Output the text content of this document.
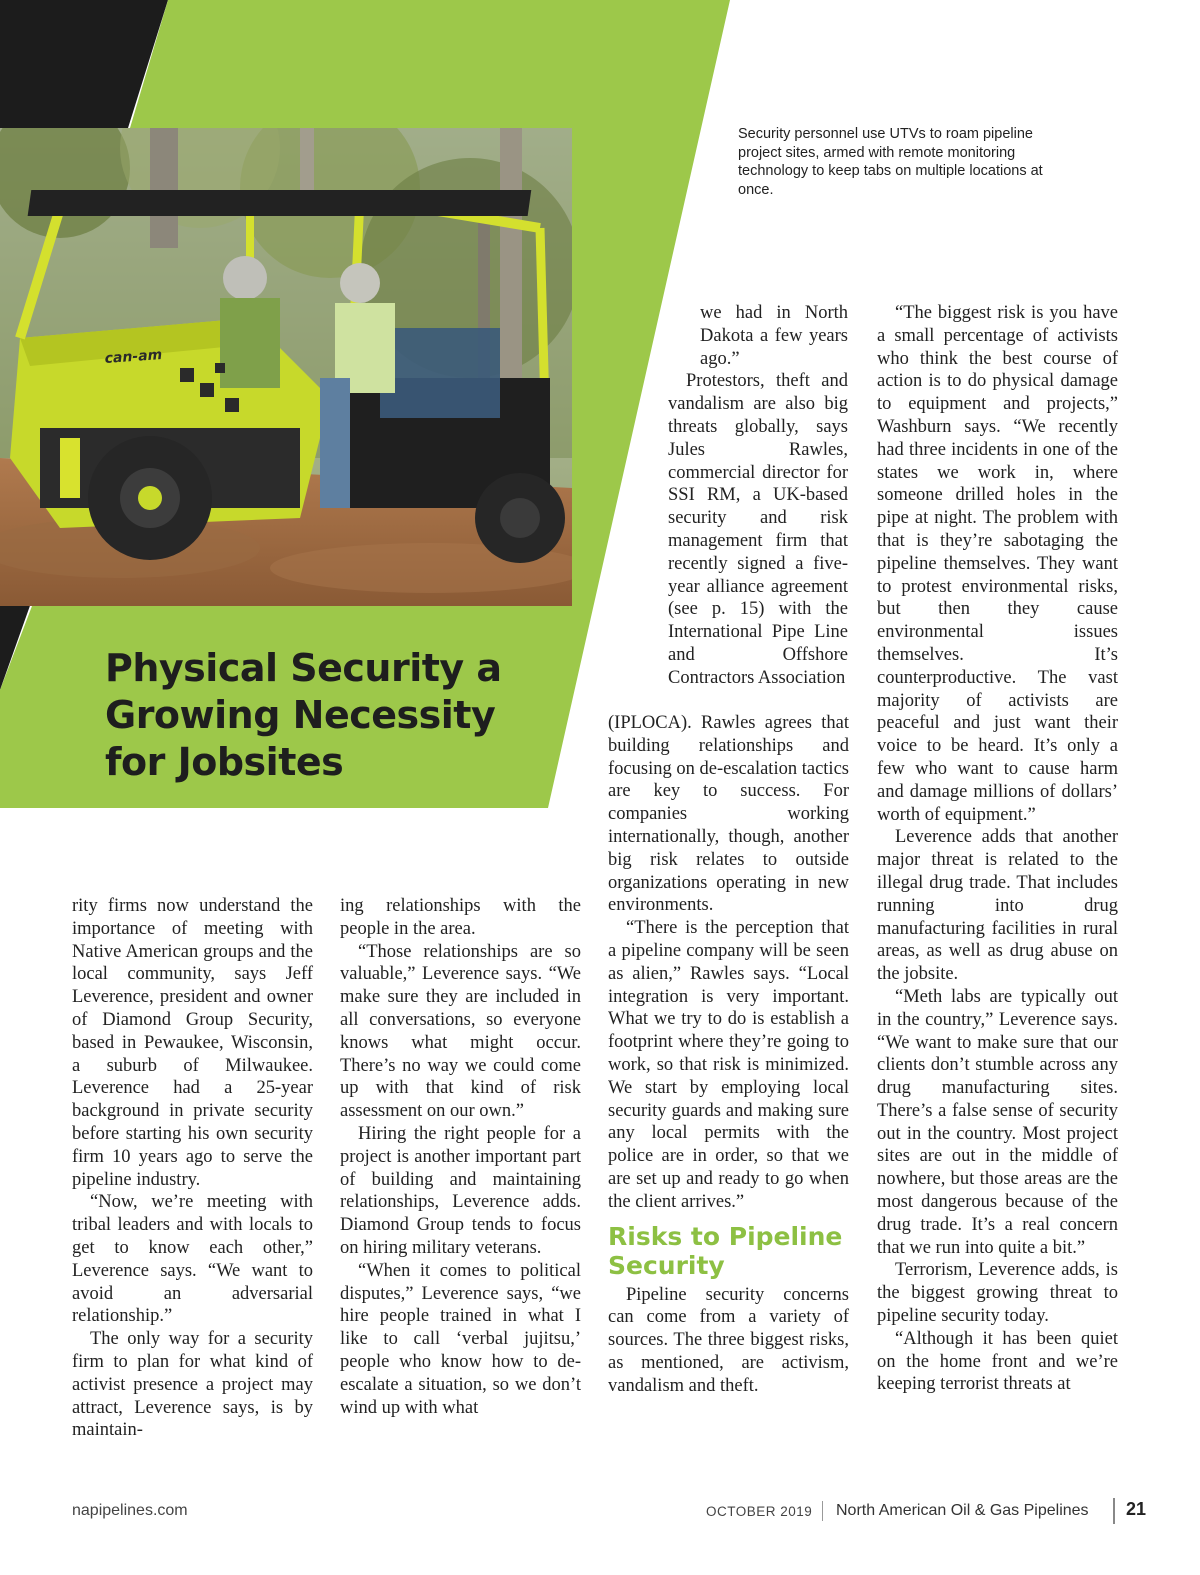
can-am
Security personnel use UTVs to roam pipeline project sites, armed with remote monitoring technology to keep tabs on multiple locations at once.
Physical Security a Growing Necessity for Jobsites

rity firms now understand the importance of meeting with Native American groups and the local community, says Jeff Leverence, president and owner of Diamond Group Security, based in Pewaukee, Wisconsin, a suburb of Milwaukee. Leverence had a 25-year background in private security before starting his own security firm 10 years ago to serve the pipeline industry.

“Now, we’re meeting with tribal leaders and with locals to get to know each other,” Leverence says. “We want to avoid an adversarial relationship.”

The only way for a security firm to plan for what kind of activist presence a project may attract, Leverence says, is by maintain-

ing relationships with the people in the area.

“Those relationships are so valuable,” Leverence says. “We make sure they are included in all conversations, so everyone knows what might occur. There’s no way we could come up with that kind of risk assessment on our own.”

Hiring the right people for a project is another important part of building and maintaining relationships, Leverence adds. Diamond Group tends to focus on hiring military veterans.

“When it comes to political disputes,” Leverence says, “we hire people trained in what I like to call ‘verbal jujitsu,’ people who know how to de-escalate a situation, so we don’t wind up with what

we had in North Dakota a few years ago.”

Protestors, theft and vandalism are also big threats globally, says Jules Rawles, commercial director for SSI RM, a UK-based security and risk management firm that recently signed a five-year alliance agreement (see p. 15) with the International Pipe Line and Offshore Contractors Association

(IPLOCA). Rawles agrees that building relationships and focusing on de-escalation tactics are key to success. For companies working internationally, though, another big risk relates to outside organizations operating in new environments.

“There is the perception that a pipeline company will be seen as alien,” Rawles says. “Local integration is very important. What we try to do is establish a footprint where they’re going to work, so that risk is minimized. We start by employing local security guards and making sure any local permits with the police are in order, so that we are set up and ready to go when the client arrives.”

Risks to Pipeline Security

Pipeline security concerns can come from a variety of sources. The three biggest risks, as mentioned, are activism, vandalism and theft.

“The biggest risk is you have a small percentage of activists who think the best course of action is to do physical damage to equipment and projects,” Washburn says. “We recently had three incidents in one of the states we work in, where someone drilled holes in the pipe at night. The problem with that is they’re sabotaging the pipeline themselves. They want to protest environmental risks, but then they cause environmental issues themselves. It’s counterproductive. The vast majority of activists are peaceful and just want their voice to be heard. It’s only a few who want to cause harm and damage millions of dollars’ worth of equipment.”

Leverence adds that another major threat is related to the illegal drug trade. That includes running into drug manufacturing facilities in rural areas, as well as drug abuse on the jobsite.

“Meth labs are typically out in the country,” Leverence says. “We want to make sure that our clients don’t stumble across any drug manufacturing sites. There’s a false sense of security out in the country. Most project sites are out in the middle of nowhere, but those areas are the most dangerous because of the drug trade. It’s a real concern that we run into quite a bit.”

Terrorism, Leverence adds, is the biggest growing threat to pipeline security today.

“Although it has been quiet on the home front and we’re keeping terrorist threats at

napipelines.com	OCTOBER 2019 North American Oil & Gas Pipelines 21
